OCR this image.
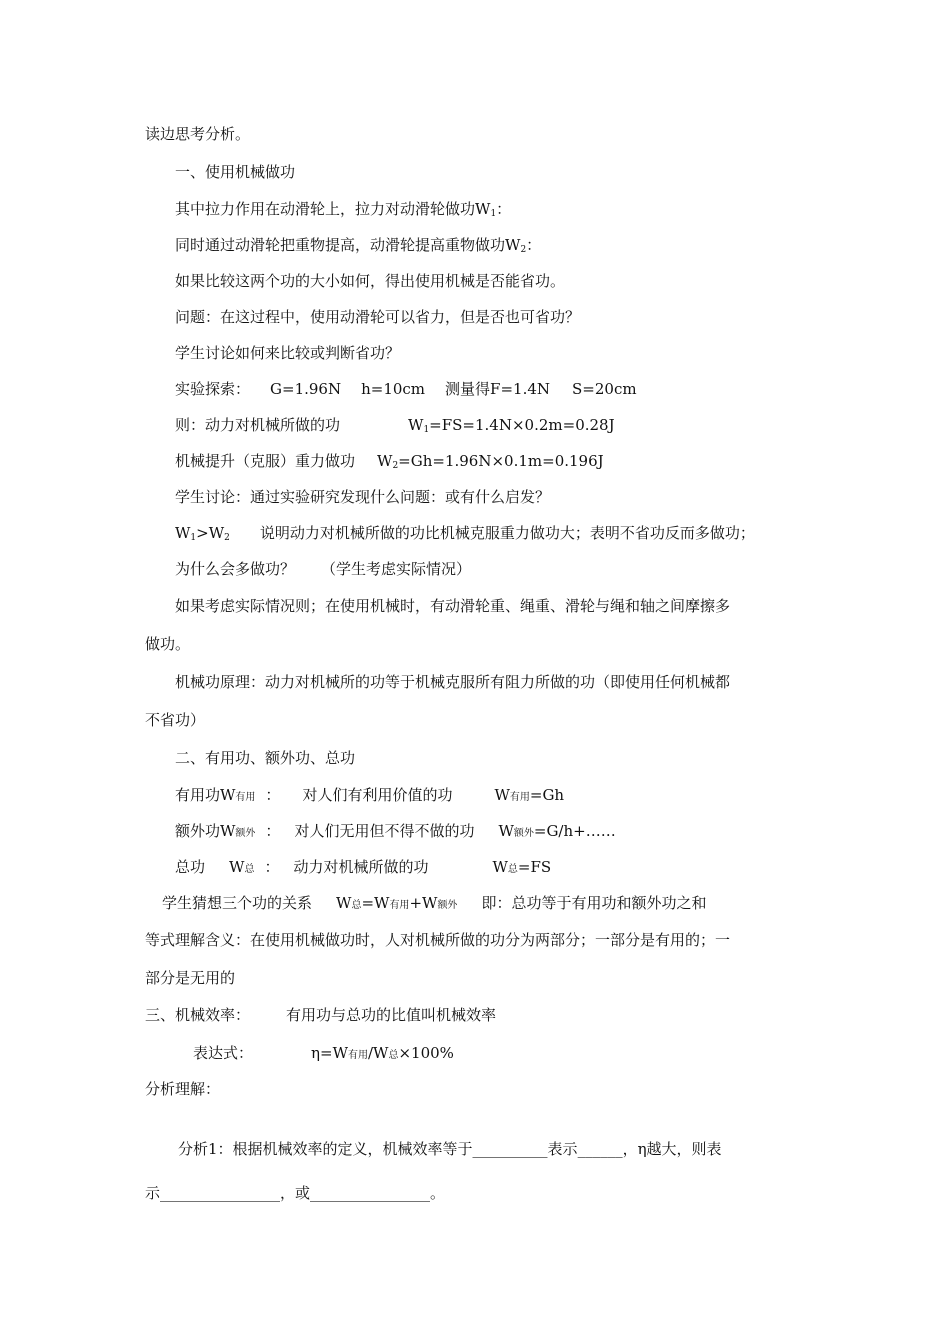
读边思考分析。
一、使用机械做功
其中拉力作用在动滑轮上，拉力对动滑轮做功$W_1$：
同时通过动滑轮把重物提高，动滑轮提高重物做功$W_2$：
如果比较这两个功的大小如何，得出使用机械是否能省功。
问题：在这过程中，使用动滑轮可以省力，但是否也可省功？
学生讨论如何来比较或判断省功？
实验探索： G=1.96N h=10cm 测量得F=1.4N S=20cm
则：动力对机械所做的功	$W_1=FS=1.4N\times 0.2m=0.28J$
机械提升（克服）重力做功 $W_2=Gh=1.96N\times 0.1m=0.196J$
学生讨论：通过实验研究发现什么问题：或有什么启发？
$W_1>W_2$ 说明动力对机械所做的功比机械克服重力做功大；表明不省功反而多做功；
为什么会多做功？ （学生考虑实际情况）
如果考虑实际情况则；在使用机械时，有动滑轮重、绳重、滑轮与绳和轴之间摩擦多
做功。
机械功原理：动力对机械所的功等于机械克服所有阻力所做的功（即使用任何机械都
不省功）
二、有用功、额外功、总功
有用功W有用 ： 对人们有利用价值的功	W有用=Gh
额外功W额外 ： 对人们无用但不得不做的功 W额外=G/h+……
总功 W总 ： 动力对机械所做的功	W总=FS
学生猜想三个功的关系 W总=W有用+W额外 即：总功等于有用功和额外功之和
等式理解含义：在使用机械做功时，人对机械所做的功分为两部分；一部分是有用的；一
部分是无用的
三、机械效率： 有用功与总功的比值叫机械效率
表达式：	η=W有用/W总×100%
分析理解：
分析1：根据机械效率的定义，机械效率等于__________表示______，η越大，则表
示________________，或________________。
